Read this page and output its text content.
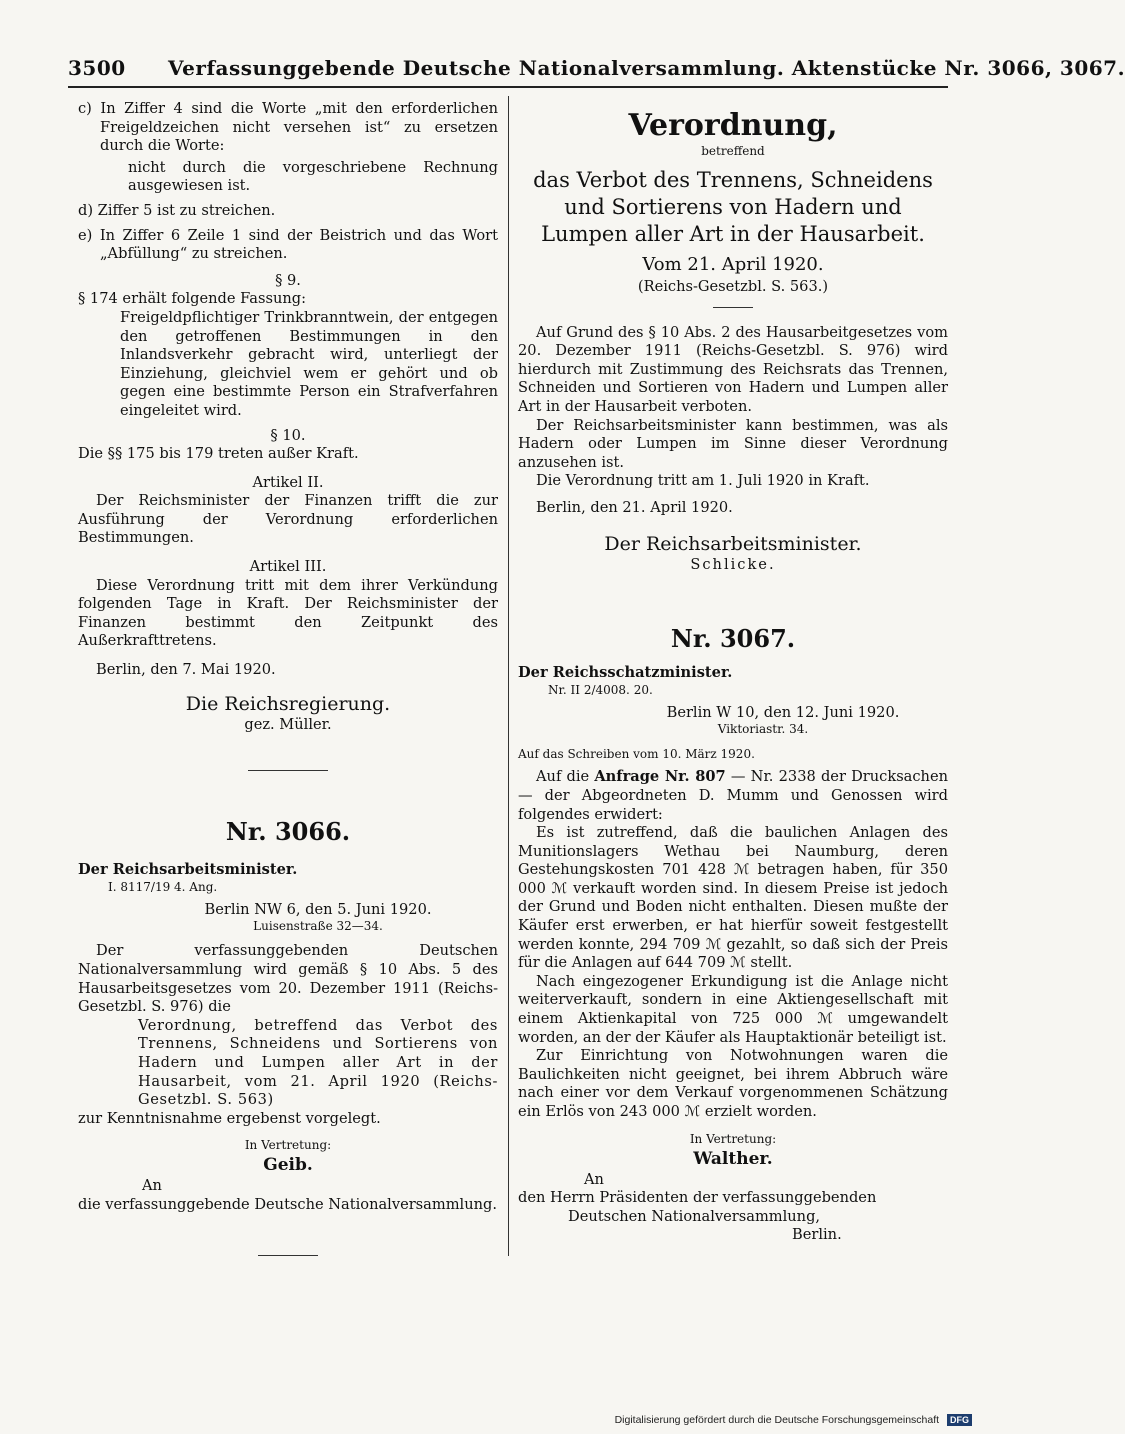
3500 Verfassunggebende Deutsche Nationalversammlung. Aktenstücke Nr. 3066, 3067.

c) In Ziffer 4 sind die Worte „mit den erforderlichen Freigeldzeichen nicht versehen ist“ zu ersetzen durch die Worte:

nicht durch die vorgeschriebene Rechnung ausgewiesen ist.

d) Ziffer 5 ist zu streichen.

e) In Ziffer 6 Zeile 1 sind der Beistrich und das Wort „Abfüllung“ zu streichen.

§ 9.

§ 174 erhält folgende Fassung:

Freigeldpflichtiger Trinkbranntwein, der entgegen den getroffenen Bestimmungen in den Inlandsverkehr gebracht wird, unterliegt der Einziehung, gleichviel wem er gehört und ob gegen eine bestimmte Person ein Strafverfahren eingeleitet wird.

§ 10.

Die §§ 175 bis 179 treten außer Kraft.

Artikel II.

Der Reichsminister der Finanzen trifft die zur Ausführung der Verordnung erforderlichen Bestimmungen.

Artikel III.

Diese Verordnung tritt mit dem ihrer Verkündung folgenden Tage in Kraft. Der Reichsminister der Finanzen bestimmt den Zeitpunkt des Außerkrafttretens.

Berlin, den 7. Mai 1920.

Die Reichsregierung.

gez. Müller.

Nr. 3066.

Der Reichsarbeitsminister.

I. 8117/19 4. Ang.

Berlin NW 6, den 5. Juni 1920.

Luisenstraße 32—34.

Der verfassunggebenden Deutschen Nationalversammlung wird gemäß § 10 Abs. 5 des Hausarbeitsgesetzes vom 20. Dezember 1911 (Reichs-Gesetzbl. S. 976) die

Verordnung, betreffend das Verbot des Trennens, Schneidens und Sortierens von Hadern und Lumpen aller Art in der Hausarbeit, vom 21. April 1920 (Reichs-Gesetzbl. S. 563)

zur Kenntnisnahme ergebenst vorgelegt.

In Vertretung:

Geib.

An

die verfassunggebende Deutsche Nationalversammlung.

Verordnung,

betreffend

das Verbot des Trennens, Schneidens und Sortierens von Hadern und Lumpen aller Art in der Hausarbeit.

Vom 21. April 1920.

(Reichs-Gesetzbl. S. 563.)

Auf Grund des § 10 Abs. 2 des Hausarbeitgesetzes vom 20. Dezember 1911 (Reichs-Gesetzbl. S. 976) wird hierdurch mit Zustimmung des Reichsrats das Trennen, Schneiden und Sortieren von Hadern und Lumpen aller Art in der Hausarbeit verboten.

Der Reichsarbeitsminister kann bestimmen, was als Hadern oder Lumpen im Sinne dieser Verordnung anzusehen ist.

Die Verordnung tritt am 1. Juli 1920 in Kraft.

Berlin, den 21. April 1920.

Der Reichsarbeitsminister.

Schlicke.

Nr. 3067.

Der Reichsschatzminister.

Nr. II 2/4008. 20.

Berlin W 10, den 12. Juni 1920.

Viktoriastr. 34.

Auf das Schreiben vom 10. März 1920.

Auf die Anfrage Nr. 807 — Nr. 2338 der Drucksachen — der Abgeordneten D. Mumm und Genossen wird folgendes erwidert:

Es ist zutreffend, daß die baulichen Anlagen des Munitionslagers Wethau bei Naumburg, deren Gestehungskosten 701 428 ℳ betragen haben, für 350 000 ℳ verkauft worden sind. In diesem Preise ist jedoch der Grund und Boden nicht enthalten. Diesen mußte der Käufer erst erwerben, er hat hierfür soweit festgestellt werden konnte, 294 709 ℳ gezahlt, so daß sich der Preis für die Anlagen auf 644 709 ℳ stellt.

Nach eingezogener Erkundigung ist die Anlage nicht weiterverkauft, sondern in eine Aktiengesellschaft mit einem Aktienkapital von 725 000 ℳ umgewandelt worden, an der der Käufer als Hauptaktionär beteiligt ist.

Zur Einrichtung von Notwohnungen waren die Baulichkeiten nicht geeignet, bei ihrem Abbruch wäre nach einer vor dem Verkauf vorgenommenen Schätzung ein Erlös von 243 000 ℳ erzielt worden.

In Vertretung:

Walther.

An

den Herrn Präsidenten der verfassunggebenden

Deutschen Nationalversammlung,

Berlin.

Digitalisierung gefördert durch die Deutsche Forschungsgemeinschaft DFG
